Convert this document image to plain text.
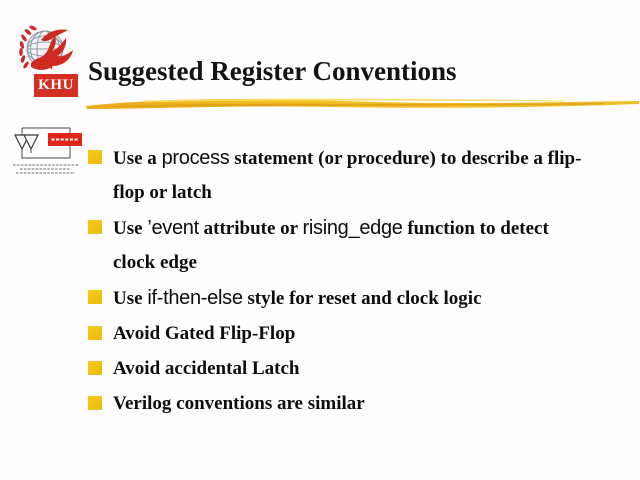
KHU Suggested Register Conventions
Use a process statement (or procedure) to describe a flip-flop or latch
Use ’event attribute or rising_edge function to detect clock edge
Use if-then-else style for reset and clock logic
Avoid Gated Flip-Flop
Avoid accidental Latch
Verilog conventions are similar
